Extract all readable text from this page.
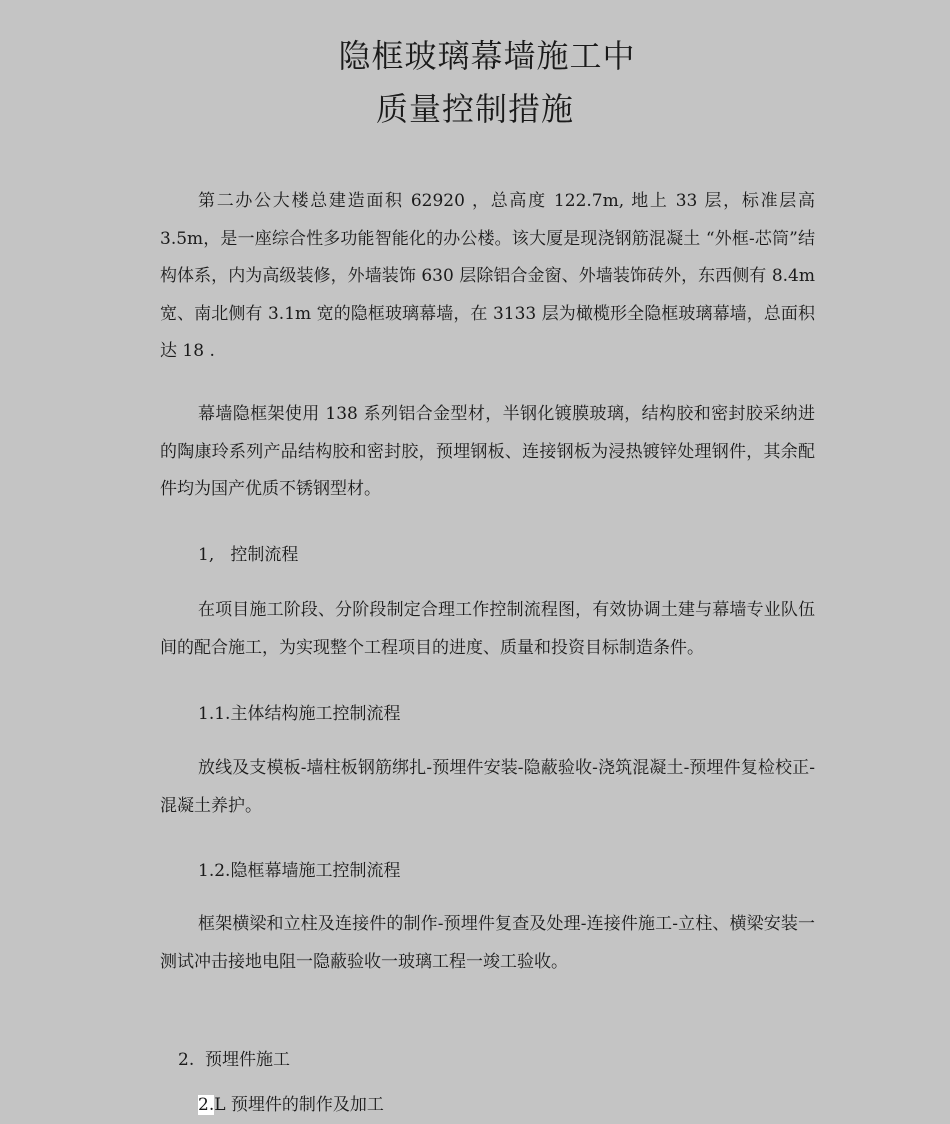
隐框玻璃幕墙施工中
质量控制措施

第二办公大楼总建造面积 62920 ，总高度 122.7m, 地上 33 层，标准层高 3.5m，是一座综合性多功能智能化的办公楼。该大厦是现浇钢筋混凝土 “外框-芯筒”结构体系，内为高级装修，外墙装饰 630 层除铝合金窗、外墙装饰砖外，东西侧有 8.4m 宽、南北侧有 3.1m 宽的隐框玻璃幕墙，在 3133 层为橄榄形全隐框玻璃幕墙，总面积达 18 .

幕墙隐框架使用 138 系列铝合金型材，半钢化镀膜玻璃，结构胶和密封胶采纳进的陶康玲系列产品结构胶和密封胶，预埋钢板、连接钢板为浸热镀锌处理钢件，其余配件均为国产优质不锈钢型材。

1,   控制流程

在项目施工阶段、分阶段制定合理工作控制流程图，有效协调土建与幕墙专业队伍间的配合施工，为实现整个工程项目的进度、质量和投资目标制造条件。

1.1.主体结构施工控制流程

放线及支模板-墙柱板钢筋绑扎-预埋件安装-隐蔽验收-浇筑混凝土-预埋件复检校正-混凝土养护。

1.2.隐框幕墙施工控制流程

框架横梁和立柱及连接件的制作-预埋件复查及处理-连接件施工-立柱、横梁安装一测试冲击接地电阻一隐蔽验收一玻璃工程一竣工验收。

2.  预埋件施工
2.L 预埋件的制作及加工
